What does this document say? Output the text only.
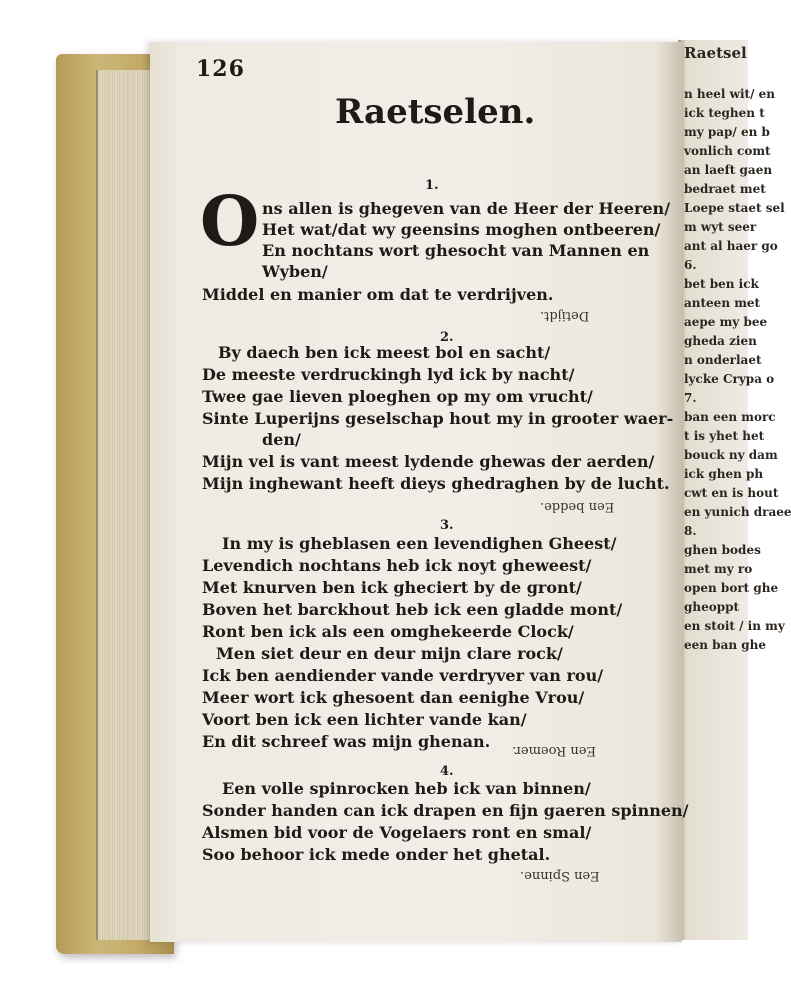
Raetsel
n heel wit/ en
ick teghen t
my pap/ en b
vonlich comt
an laeft gaen
bedraet met
Loepe staet sel
m wyt seer
ant al haer go
6.
bet ben ick
anteen met
aepe my bee
gheda zien
n onderlaet
lycke Crypa o
7.
ban een morc
t is yhet het
bouck ny dam
ick ghen ph
cwt en is hout
en yunich draee
8.
ghen bodes
met my ro
open bort ghe
gheoppt
en stoit / in my
een ban ghe
126
Raetselen.
1.
O ns allen is ghegeven van de Heer der Heeren/
Het wat/dat wy geensins moghen ontbeeren/
En nochtans wort ghesocht van Mannen en
Wyben/
Middel en manier om dat te verdrijven.
Detijdt.
2.
By daech ben ick meest bol en sacht/
De meeste verdruckingh lyd ick by nacht/
Twee gae lieven ploeghen op my om vrucht/
Sinte Luperijns geselschap hout my in grooter waer-
den/
Mijn vel is vant meest lydende ghewas der aerden/
Mijn inghewant heeft dieys ghedraghen by de lucht.
Een bedde.
3.
In my is gheblasen een levendighen Gheest/
Levendich nochtans heb ick noyt gheweest/
Met knurven ben ick gheciert by de gront/
Boven het barckhout heb ick een gladde mont/
Ront ben ick als een omghekeerde Clock/
Men siet deur en deur mijn clare rock/
Ick ben aendiender vande verdryver van rou/
Meer wort ick ghesoent dan eenighe Vrou/
Voort ben ick een lichter vande kan/
En dit schreef was mijn ghenan. Een Roemer.
4.
Een volle spinrocken heb ick van binnen/
Sonder handen can ick drapen en fijn gaeren spinnen/
Alsmen bid voor de Vogelaers ront en smal/
Soo behoor ick mede onder het ghetal.
Een Spinne.
